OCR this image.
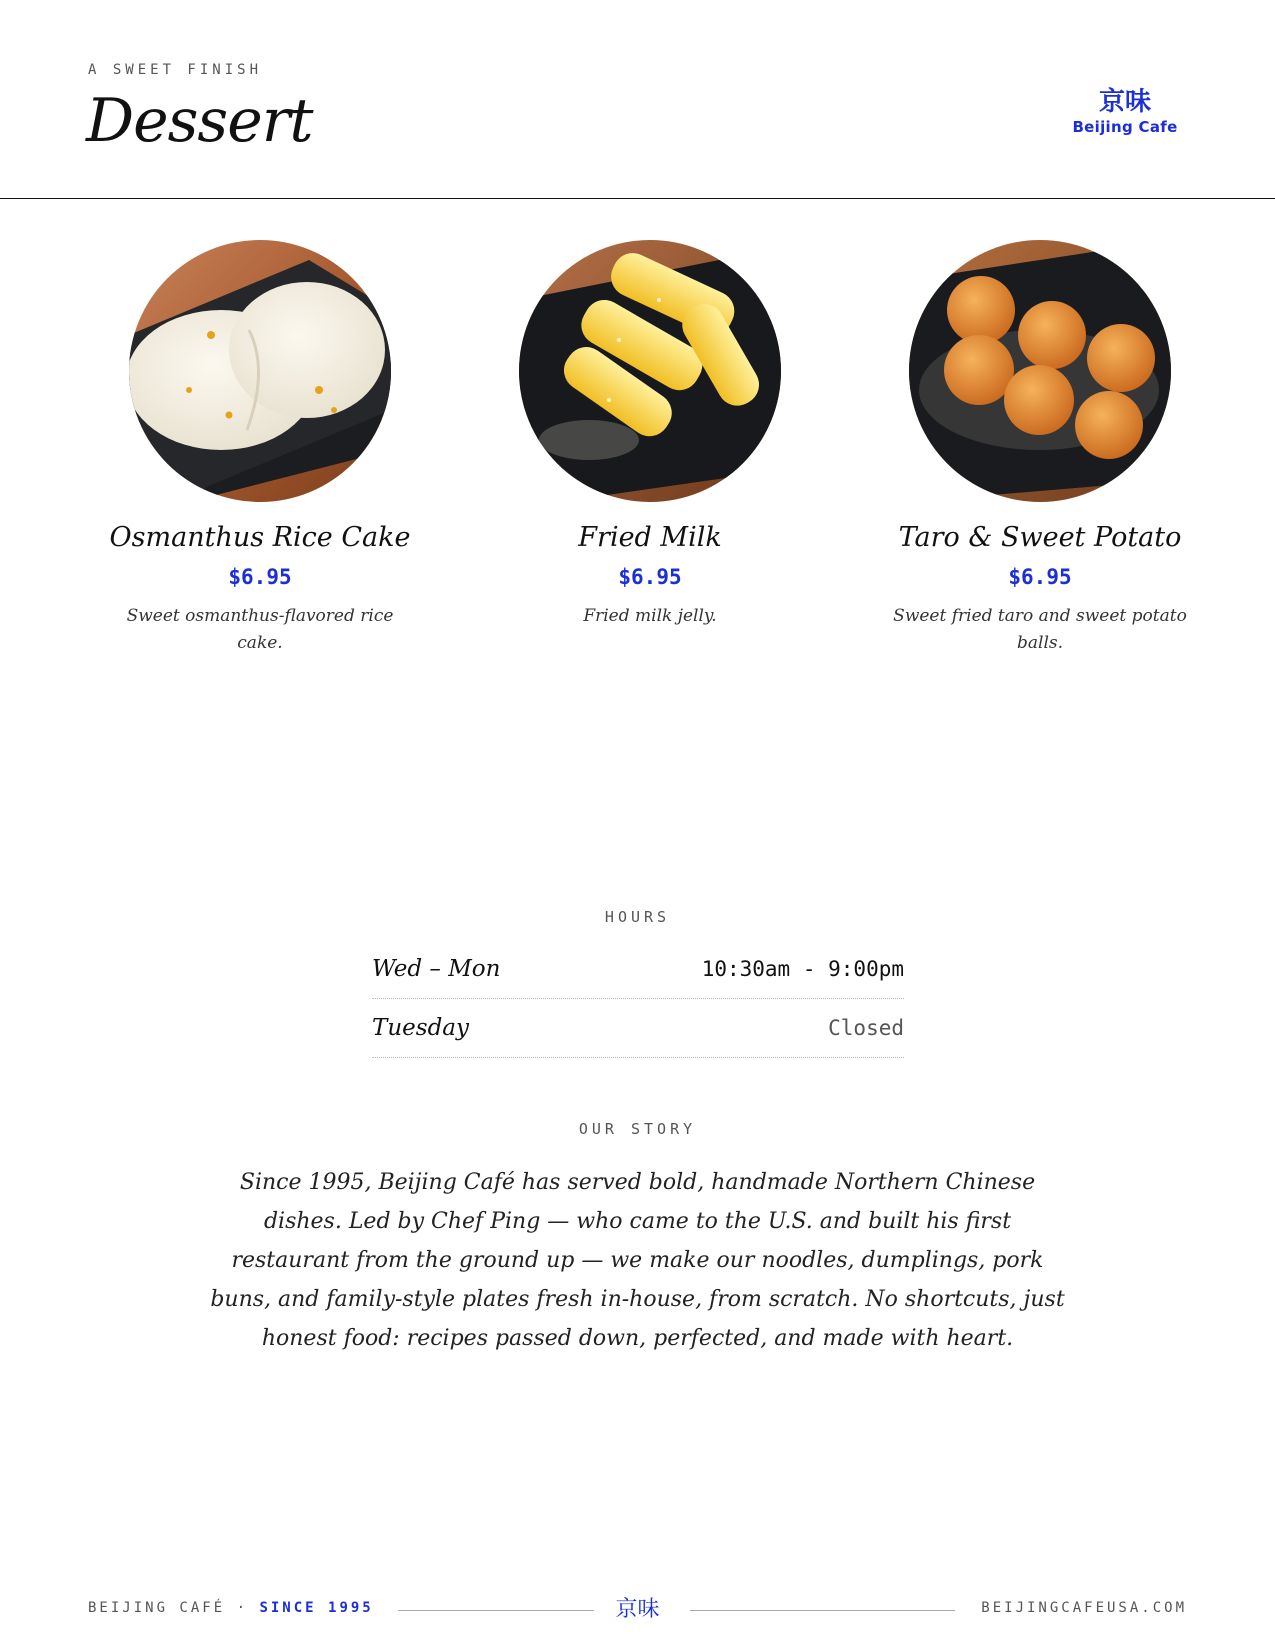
A SWEET FINISH
Dessert	京味
Beijing Cafe
Osmanthus Rice Cake
$6.95
Sweet osmanthus-flavored rice cake.
Fried Milk
$6.95
Fried milk jelly.
Taro & Sweet Potato
$6.95
Sweet fried taro and sweet potato balls.
HOURS
Wed – Mon	10:30am - 9:00pm
Tuesday	Closed
OUR STORY

Since 1995, Beijing Café has served bold, handmade Northern Chinese dishes. Led by Chef Ping — who came to the U.S. and built his first restaurant from the ground up — we make our noodles, dumplings, pork buns, and family-style plates fresh in-house, from scratch. No shortcuts, just honest food: recipes passed down, perfected, and made with heart.

BEIJING CAFÉ · SINCE 1995	京味	BEIJINGCAFEUSA.COM
